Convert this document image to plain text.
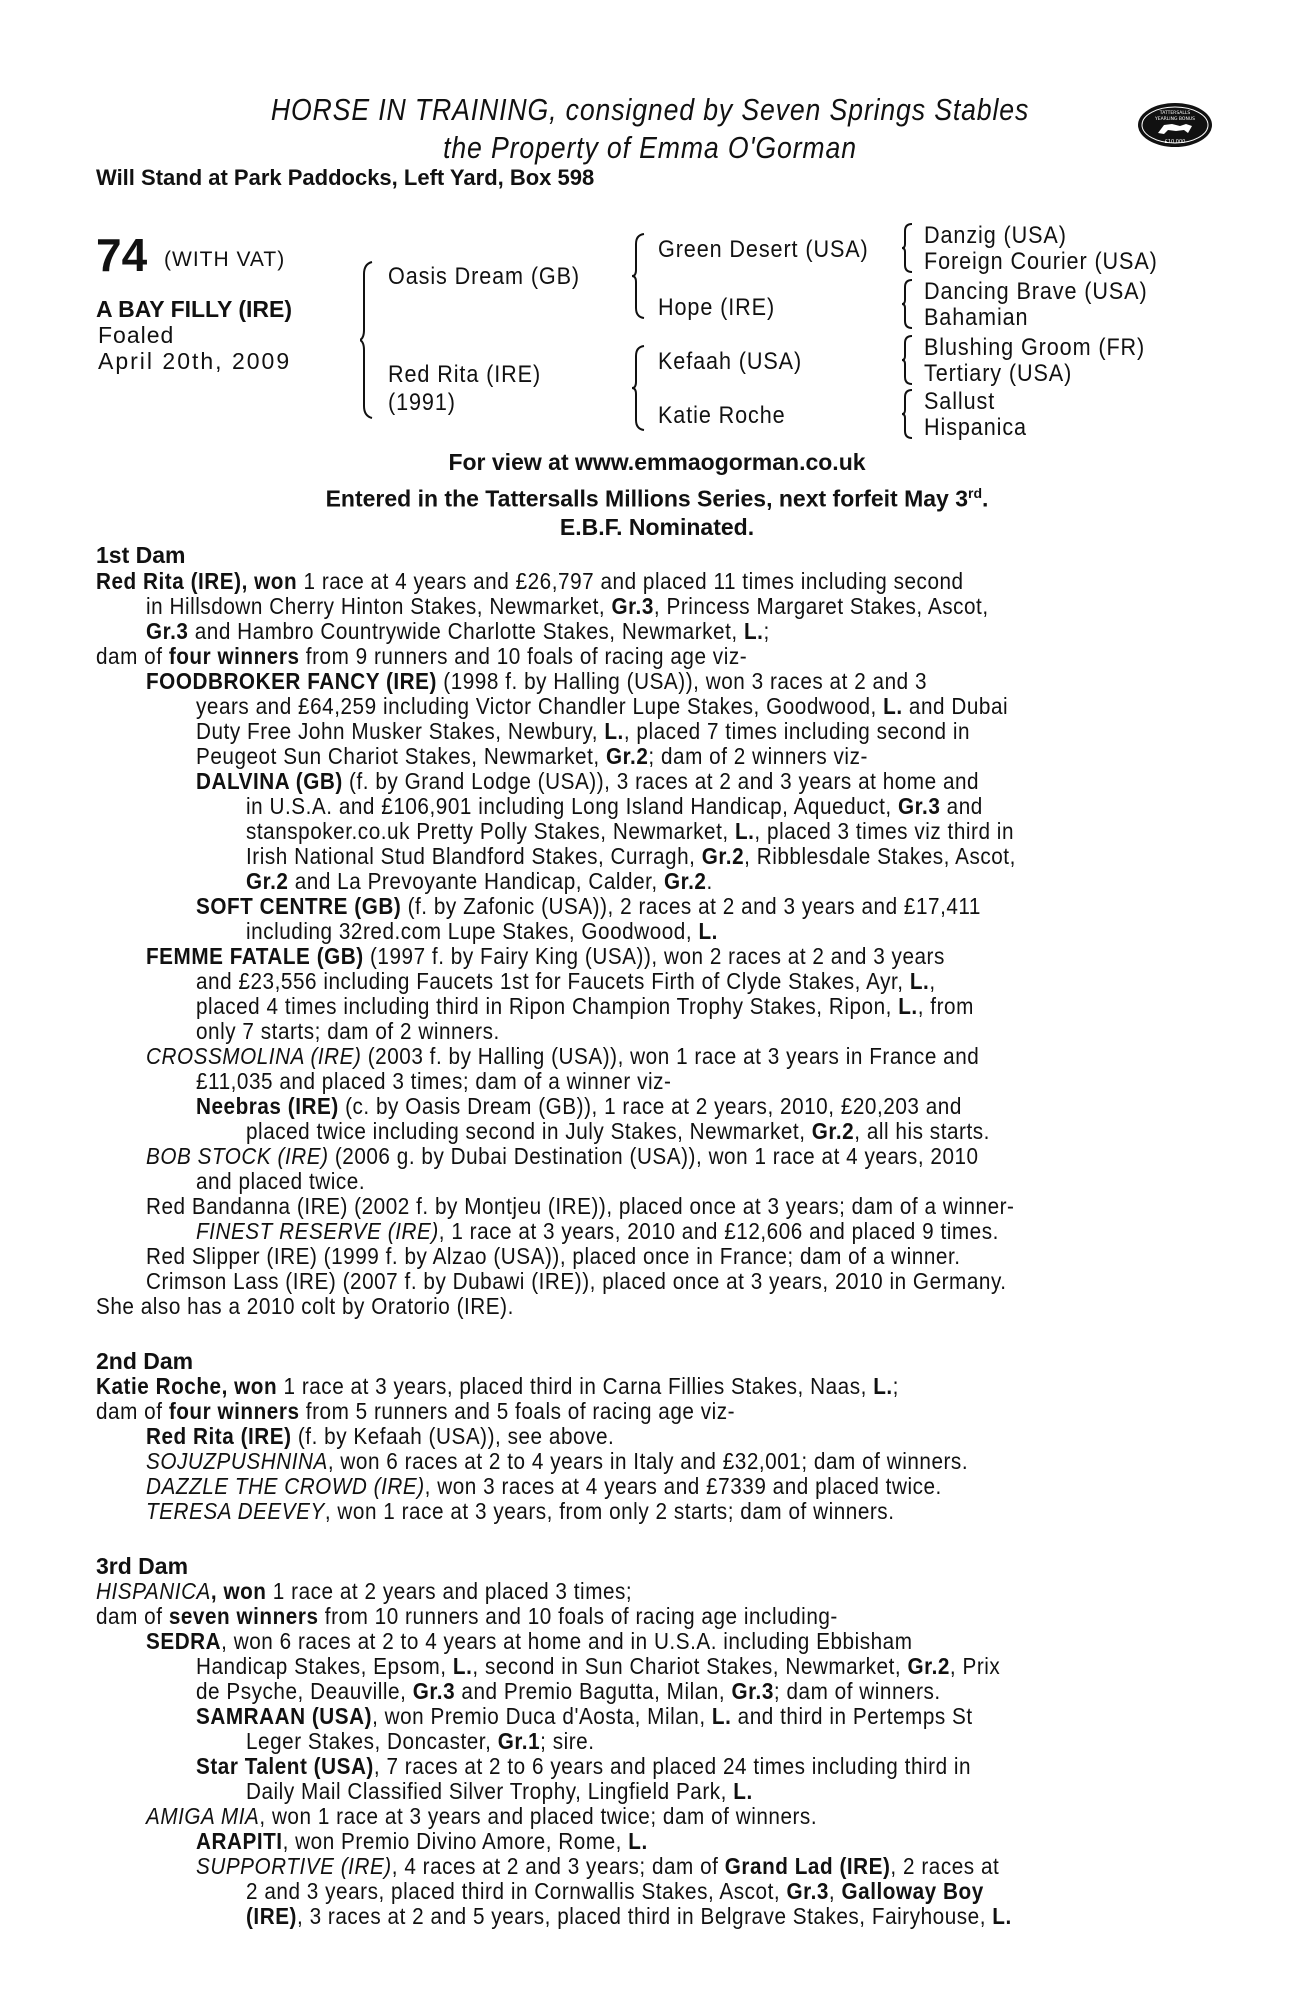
HORSE IN TRAINING, consigned by Seven Springs Stables
the Property of Emma O'Gorman
Will Stand at Park Paddocks, Left Yard, Box 598
TATTERSALLS
YEARLING BONUS
£10,000
74 (WITH VAT)
A BAY FILLY (IRE)
Foaled
April 20th, 2009
Oasis Dream (GB)
Red Rita (IRE)
(1991)
Green Desert (USA)
Hope (IRE)
Kefaah (USA)
Katie Roche
Danzig (USA)
Foreign Courier (USA)
Dancing Brave (USA)
Bahamian
Blushing Groom (FR)
Tertiary (USA)
Sallust
Hispanica
For view at www.emmaogorman.co.uk
Entered in the Tattersalls Millions Series, next forfeit May 3rd.
E.B.F. Nominated.
1st Dam
Red Rita (IRE), won 1 race at 4 years and £26,797 and placed 11 times including second
in Hillsdown Cherry Hinton Stakes, Newmarket, Gr.3, Princess Margaret Stakes, Ascot,
Gr.3 and Hambro Countrywide Charlotte Stakes, Newmarket, L.;
dam of four winners from 9 runners and 10 foals of racing age viz-
FOODBROKER FANCY (IRE) (1998 f. by Halling (USA)), won 3 races at 2 and 3
years and £64,259 including Victor Chandler Lupe Stakes, Goodwood, L. and Dubai
Duty Free John Musker Stakes, Newbury, L., placed 7 times including second in
Peugeot Sun Chariot Stakes, Newmarket, Gr.2; dam of 2 winners viz-
DALVINA (GB) (f. by Grand Lodge (USA)), 3 races at 2 and 3 years at home and
in U.S.A. and £106,901 including Long Island Handicap, Aqueduct, Gr.3 and
stanspoker.co.uk Pretty Polly Stakes, Newmarket, L., placed 3 times viz third in
Irish National Stud Blandford Stakes, Curragh, Gr.2, Ribblesdale Stakes, Ascot,
Gr.2 and La Prevoyante Handicap, Calder, Gr.2.
SOFT CENTRE (GB) (f. by Zafonic (USA)), 2 races at 2 and 3 years and £17,411
including 32red.com Lupe Stakes, Goodwood, L.
FEMME FATALE (GB) (1997 f. by Fairy King (USA)), won 2 races at 2 and 3 years
and £23,556 including Faucets 1st for Faucets Firth of Clyde Stakes, Ayr, L.,
placed 4 times including third in Ripon Champion Trophy Stakes, Ripon, L., from
only 7 starts; dam of 2 winners.
CROSSMOLINA (IRE) (2003 f. by Halling (USA)), won 1 race at 3 years in France and
£11,035 and placed 3 times; dam of a winner viz-
Neebras (IRE) (c. by Oasis Dream (GB)), 1 race at 2 years, 2010, £20,203 and
placed twice including second in July Stakes, Newmarket, Gr.2, all his starts.
BOB STOCK (IRE) (2006 g. by Dubai Destination (USA)), won 1 race at 4 years, 2010
and placed twice.
Red Bandanna (IRE) (2002 f. by Montjeu (IRE)), placed once at 3 years; dam of a winner-
FINEST RESERVE (IRE), 1 race at 3 years, 2010 and £12,606 and placed 9 times.
Red Slipper (IRE) (1999 f. by Alzao (USA)), placed once in France; dam of a winner.
Crimson Lass (IRE) (2007 f. by Dubawi (IRE)), placed once at 3 years, 2010 in Germany.
She also has a 2010 colt by Oratorio (IRE).
2nd Dam
Katie Roche, won 1 race at 3 years, placed third in Carna Fillies Stakes, Naas, L.;
dam of four winners from 5 runners and 5 foals of racing age viz-
Red Rita (IRE) (f. by Kefaah (USA)), see above.
SOJUZPUSHNINA, won 6 races at 2 to 4 years in Italy and £32,001; dam of winners.
DAZZLE THE CROWD (IRE), won 3 races at 4 years and £7339 and placed twice.
TERESA DEEVEY, won 1 race at 3 years, from only 2 starts; dam of winners.
3rd Dam
HISPANICA, won 1 race at 2 years and placed 3 times;
dam of seven winners from 10 runners and 10 foals of racing age including-
SEDRA, won 6 races at 2 to 4 years at home and in U.S.A. including Ebbisham
Handicap Stakes, Epsom, L., second in Sun Chariot Stakes, Newmarket, Gr.2, Prix
de Psyche, Deauville, Gr.3 and Premio Bagutta, Milan, Gr.3; dam of winners.
SAMRAAN (USA), won Premio Duca d'Aosta, Milan, L. and third in Pertemps St
Leger Stakes, Doncaster, Gr.1; sire.
Star Talent (USA), 7 races at 2 to 6 years and placed 24 times including third in
Daily Mail Classified Silver Trophy, Lingfield Park, L.
AMIGA MIA, won 1 race at 3 years and placed twice; dam of winners.
ARAPITI, won Premio Divino Amore, Rome, L.
SUPPORTIVE (IRE), 4 races at 2 and 3 years; dam of Grand Lad (IRE), 2 races at
2 and 3 years, placed third in Cornwallis Stakes, Ascot, Gr.3, Galloway Boy
(IRE), 3 races at 2 and 5 years, placed third in Belgrave Stakes, Fairyhouse, L.
